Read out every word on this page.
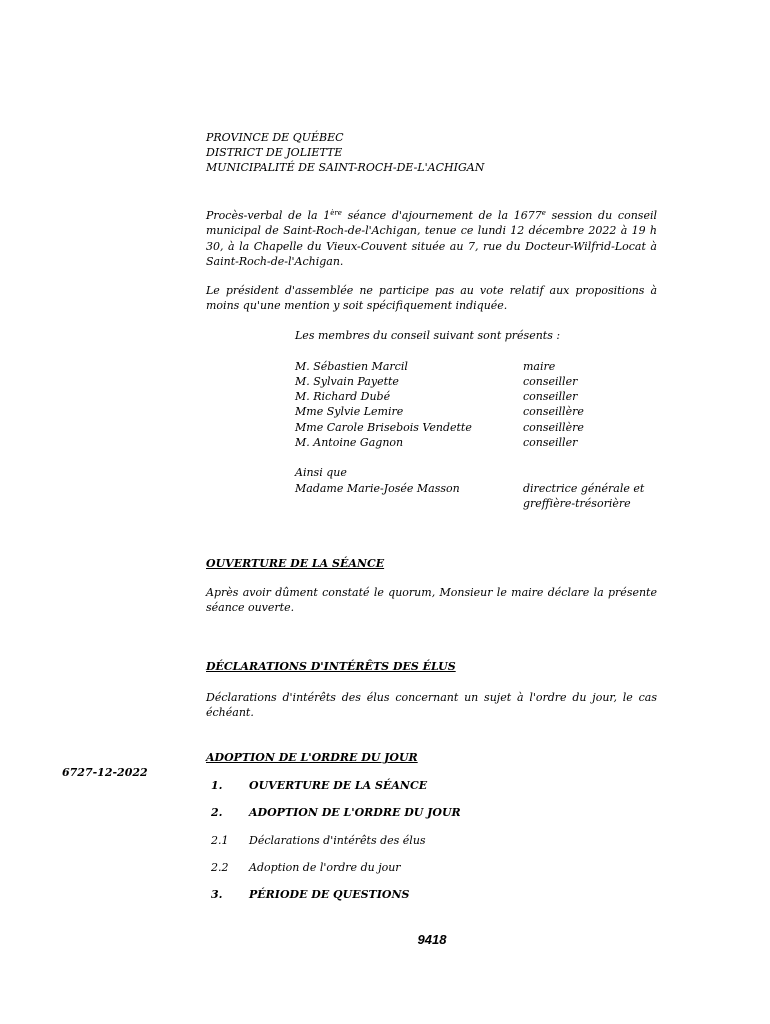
PROVINCE DE QUÉBEC
DISTRICT DE JOLIETTE
MUNICIPALITÉ DE SAINT-ROCH-DE-L'ACHIGAN
Procès-verbal de la 1ère séance d'ajournement de la 1677e session du conseil municipal de Saint-Roch-de-l'Achigan, tenue ce lundi 12 décembre 2022 à 19 h 30, à la Chapelle du Vieux-Couvent située au 7, rue du Docteur-Wilfrid-Locat à Saint-Roch-de-l'Achigan.
Le président d'assemblée ne participe pas au vote relatif aux propositions à moins qu'une mention y soit spécifiquement indiquée.
Les membres du conseil suivant sont présents :
M. Sébastien Marcil	maire
M. Sylvain Payette	conseiller
M. Richard Dubé	conseiller
Mme Sylvie Lemire	conseillère
Mme Carole Brisebois Vendette	conseillère
M. Antoine Gagnon	conseiller
Ainsi que
Madame Marie-Josée Masson	directrice générale et
greffière-trésorière
OUVERTURE DE LA SÉANCE
Après avoir dûment constaté le quorum, Monsieur le maire déclare la présente séance ouverte.
DÉCLARATIONS D'INTÉRÊTS DES ÉLUS
Déclarations d'intérêts des élus concernant un sujet à l'ordre du jour, le cas échéant.
ADOPTION DE L'ORDRE DU JOUR
6727-12-2022
1. OUVERTURE DE LA SÉANCE
2. ADOPTION DE L'ORDRE DU JOUR
2.1 Déclarations d'intérêts des élus
2.2 Adoption de l'ordre du jour
3. PÉRIODE DE QUESTIONS
9418
